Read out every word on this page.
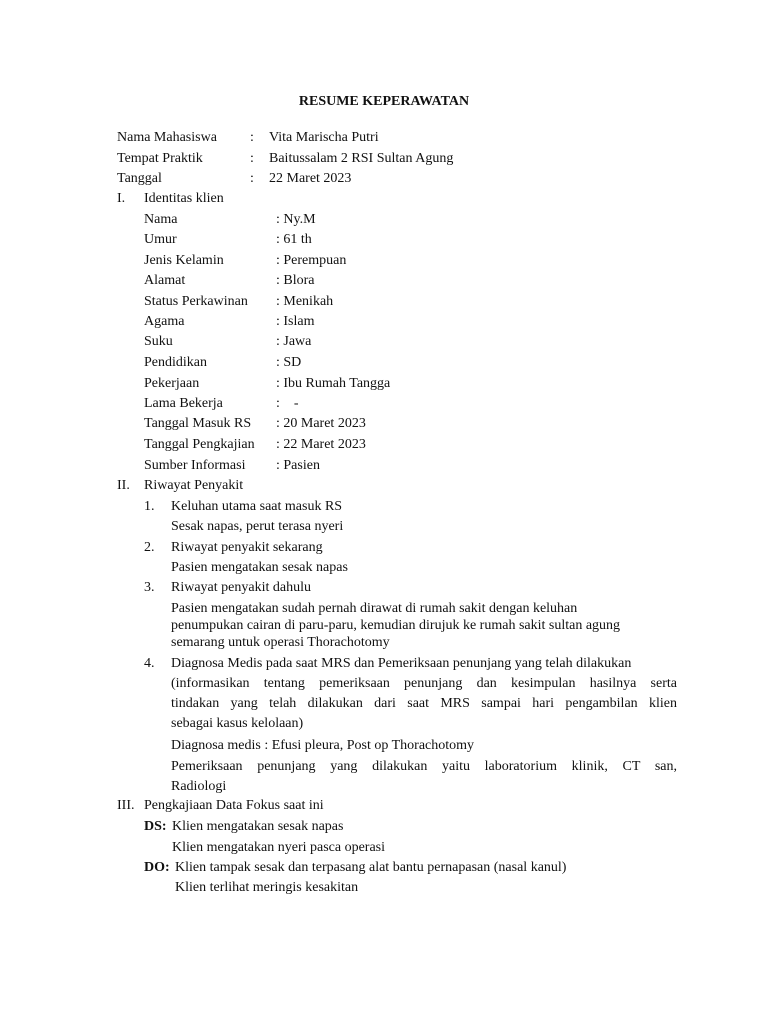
RESUME KEPERAWATAN
Nama Mahasiswa : Vita Marischa Putri
Tempat Praktik	: Baitussalam 2 RSI Sultan Agung
Tanggal	: 22 Maret 2023
I. Identitas klien
Nama	: Ny.M
Umur	: 61 th
Jenis Kelamin	: Perempuan
Alamat	: Blora
Status Perkawinan : Menikah
Agama	: Islam
Suku	: Jawa
Pendidikan	: SD
Pekerjaan	: Ibu Rumah Tangga
Lama Bekerja	:    -
Tanggal Masuk RS : 20 Maret 2023
Tanggal Pengkajian : 22 Maret 2023
Sumber Informasi : Pasien
II. Riwayat Penyakit
1. Keluhan utama saat masuk RS
Sesak napas, perut terasa nyeri
2. Riwayat penyakit sekarang
Pasien mengatakan sesak napas
3. Riwayat penyakit dahulu
Pasien mengatakan sudah pernah dirawat di rumah sakit dengan keluhan
penumpukan cairan di paru-paru, kemudian dirujuk ke rumah sakit sultan agung
semarang untuk operasi Thorachotomy
4. Diagnosa Medis pada saat MRS dan Pemeriksaan penunjang yang telah dilakukan
(informasikan tentang pemeriksaan penunjang dan kesimpulan hasilnya serta
tindakan yang telah dilakukan dari saat MRS sampai hari pengambilan klien
sebagai kasus kelolaan)
Diagnosa medis : Efusi pleura, Post op Thorachotomy
Pemeriksaan penunjang yang dilakukan yaitu laboratorium klinik, CT san,
Radiologi
III. Pengkajiaan Data Fokus saat ini
DS: Klien mengatakan sesak napas
Klien mengatakan nyeri pasca operasi
DO: Klien tampak sesak dan terpasang alat bantu pernapasan (nasal kanul)
Klien terlihat meringis kesakitan
